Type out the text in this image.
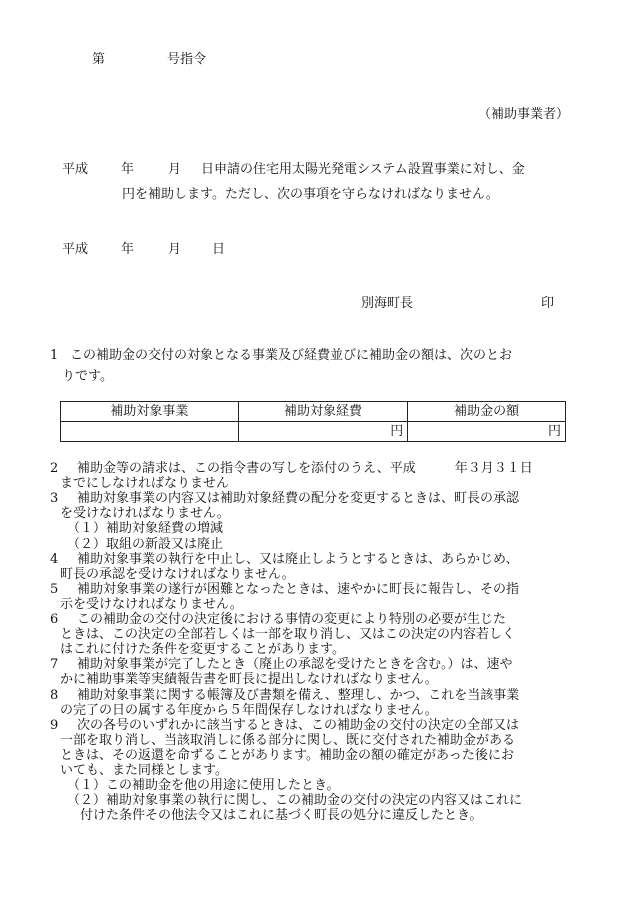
第	号指令
（補助事業者）
平成	年	月 日申請の住宅用太陽光発電システム設置事業に対し、金
円を補助します。ただし、次の事項を守らなければなりません。
平成	年	月 日
別海町長	印
1 この補助金の交付の対象となる事業及び経費並びに補助金の額は、次のとお
りです。
補助対象事業	補助対象経費	補助金の額
	円	円
2 補助金等の請求は、この指令書の写しを添付のうえ、平成　　　年３月３１日
までにしなければなりません
3 補助対象事業の内容又は補助対象経費の配分を変更するときは、町長の承認
を受けなければなりません。
（１）補助対象経費の増減
（２）取組の新設又は廃止
4 補助対象事業の執行を中止し、又は廃止しようとするときは、あらかじめ、
町長の承認を受けなければなりません。
5 補助対象事業の遂行が困難となったときは、速やかに町長に報告し、その指
示を受けなければなりません。
6 この補助金の交付の決定後における事情の変更により特別の必要が生じた
ときは、この決定の全部若しくは一部を取り消し、又はこの決定の内容若しく
はこれに付けた条件を変更することがあります。
7 補助対象事業が完了したとき（廃止の承認を受けたときを含む。）は、速や
かに補助事業等実績報告書を町長に提出しなければなりません。
8 補助対象事業に関する帳簿及び書類を備え、整理し、かつ、これを当該事業
の完了の日の属する年度から５年間保存しなければなりません。
9 次の各号のいずれかに該当するときは、この補助金の交付の決定の全部又は
一部を取り消し、当該取消しに係る部分に関し、既に交付された補助金がある
ときは、その返還を命ずることがあります。補助金の額の確定があった後にお
いても、また同様とします。
（１）この補助金を他の用途に使用したとき。
（２）補助対象事業の執行に関し、この補助金の交付の決定の内容又はこれに
　付けた条件その他法令又はこれに基づく町長の処分に違反したとき。
